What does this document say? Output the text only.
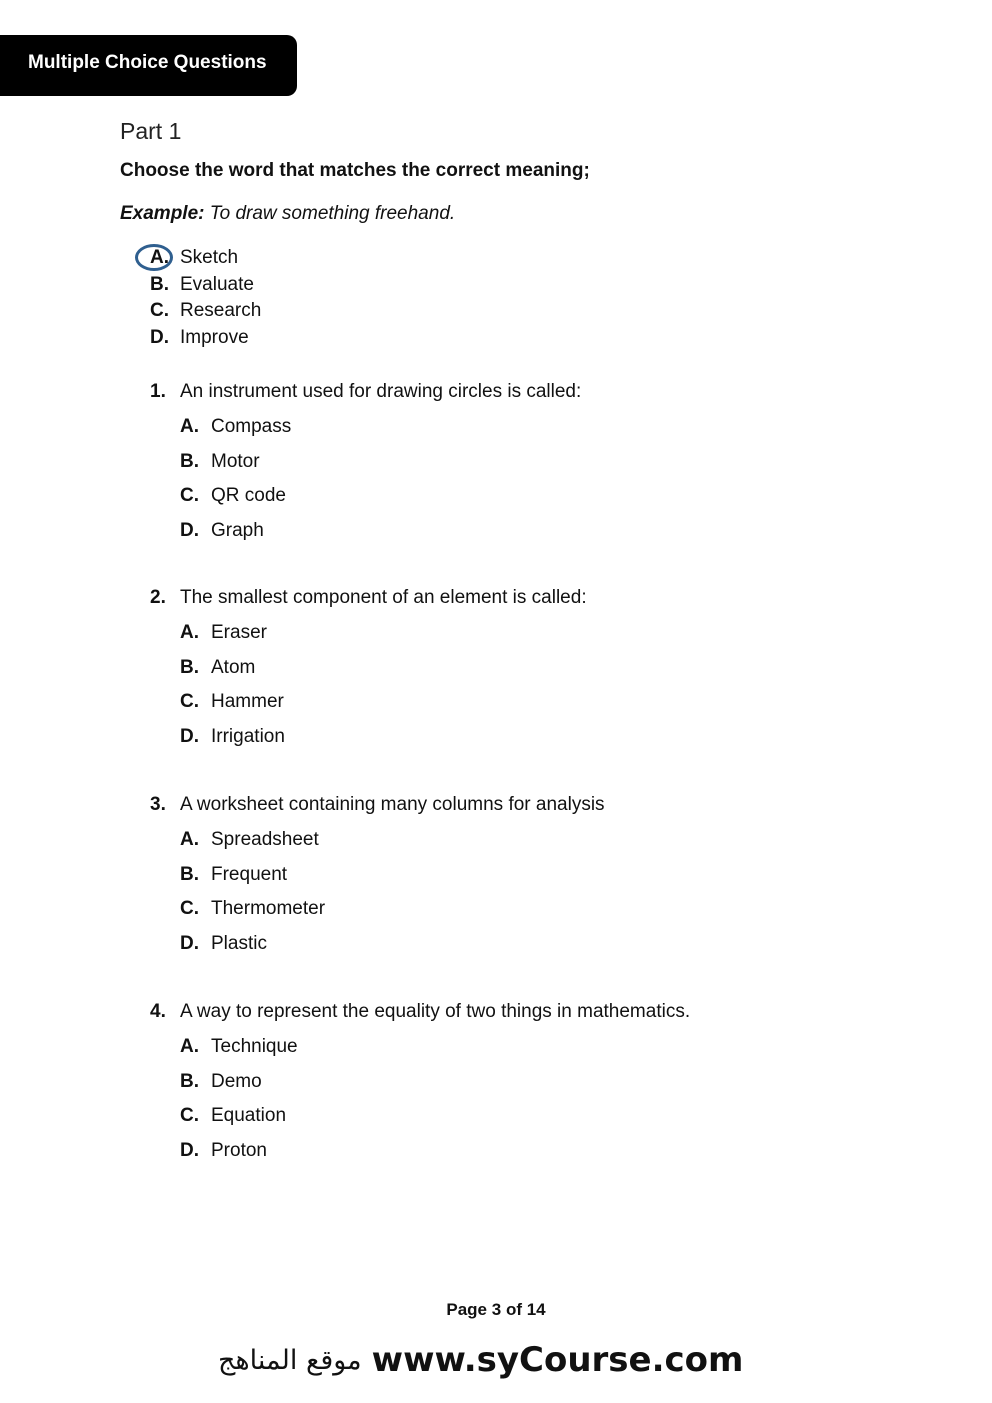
Multiple Choice Questions
Part 1
Choose the word that matches the correct meaning;
Example: To draw something freehand.
A. Sketch
B. Evaluate
C. Research
D. Improve
1. An instrument used for drawing circles is called:
A. Compass
B. Motor
C. QR code
D. Graph
2. The smallest component of an element is called:
A. Eraser
B. Atom
C. Hammer
D. Irrigation
3. A worksheet containing many columns for analysis
A. Spreadsheet
B. Frequent
C. Thermometer
D. Plastic
4. A way to represent the equality of two things in mathematics.
A. Technique
B. Demo
C. Equation
D. Proton
Page 3 of 14
موقع المناهج www.syCourse.com
